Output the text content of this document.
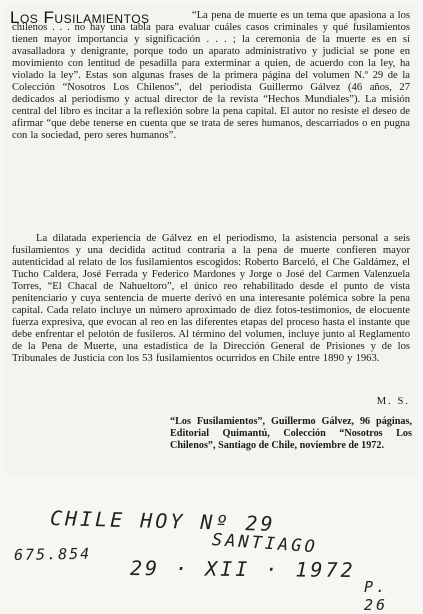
Los Fusilamientos	“La pena de muerte es un tema que apasiona a los chilenos . . . no hay una tabla para evaluar cuáles casos criminales y qué fusilamientos tienen mayor importancia y significación . . . ; la ceremonia de la muerte es en sí avasalladora y denigrante, porque todo un aparato administrativo y judicial se pone en movimiento con lentitud de pesadilla para exterminar a quien, de acuerdo con la ley, ha violado la ley”. Estas son algunas frases de la primera página del volumen N.º 29 de la Colección “Nosotros Los Chilenos”, del periodista Guillermo Gálvez (46 años, 27 dedicados al periodismo y actual director de la revista “Hechos Mundiales”). La misión central del libro es incitar a la reflexión sobre la pena capital. El autor no resiste el deseo de afirmar “que debe tenerse en cuenta que se trata de seres humanos, descarriados o en pugna con la sociedad, pero seres humanos”.
La dilatada experiencia de Gálvez en el periodismo, la asistencia personal a seis fusilamientos y una decidida actitud contraria a la pena de muerte confieren mayor autenticidad al relato de los fusilamientos escogidos: Roberto Barceló, el Che Galdámez, el Tucho Caldera, José Ferrada y Federico Mardones y Jorge o José del Carmen Valenzuela Torres, “El Chacal de Nahueltoro”, el único reo rehabilitado desde el punto de vista penitenciario y cuya sentencia de muerte derivó en una interesante polémica sobre la pena capital. Cada relato incluye un número aproximado de diez fotos-testimonios, de elocuente fuerza expresiva, que evocan al reo en las diferentes etapas del proceso hasta el instante que debe enfrentar el pelotón de fusileros. Al término del volumen, incluye junto al Reglamento de la Pena de Muerte, una estadística de la Dirección General de Prisiones y de los Tribunales de Justicia con los 53 fusilamientos ocurridos en Chile entre 1890 y 1963.
M. S.
“Los Fusilamientos”, Guillermo Gálvez, 96 páginas, Editorial Quimantú, Colección “Nosotros Los Chilenos”, Santiago de Chile, noviembre de 1972.
CHILE HOY Nº 29
SANTIAGO
675.854
29 · XII · 1972
P. 26
